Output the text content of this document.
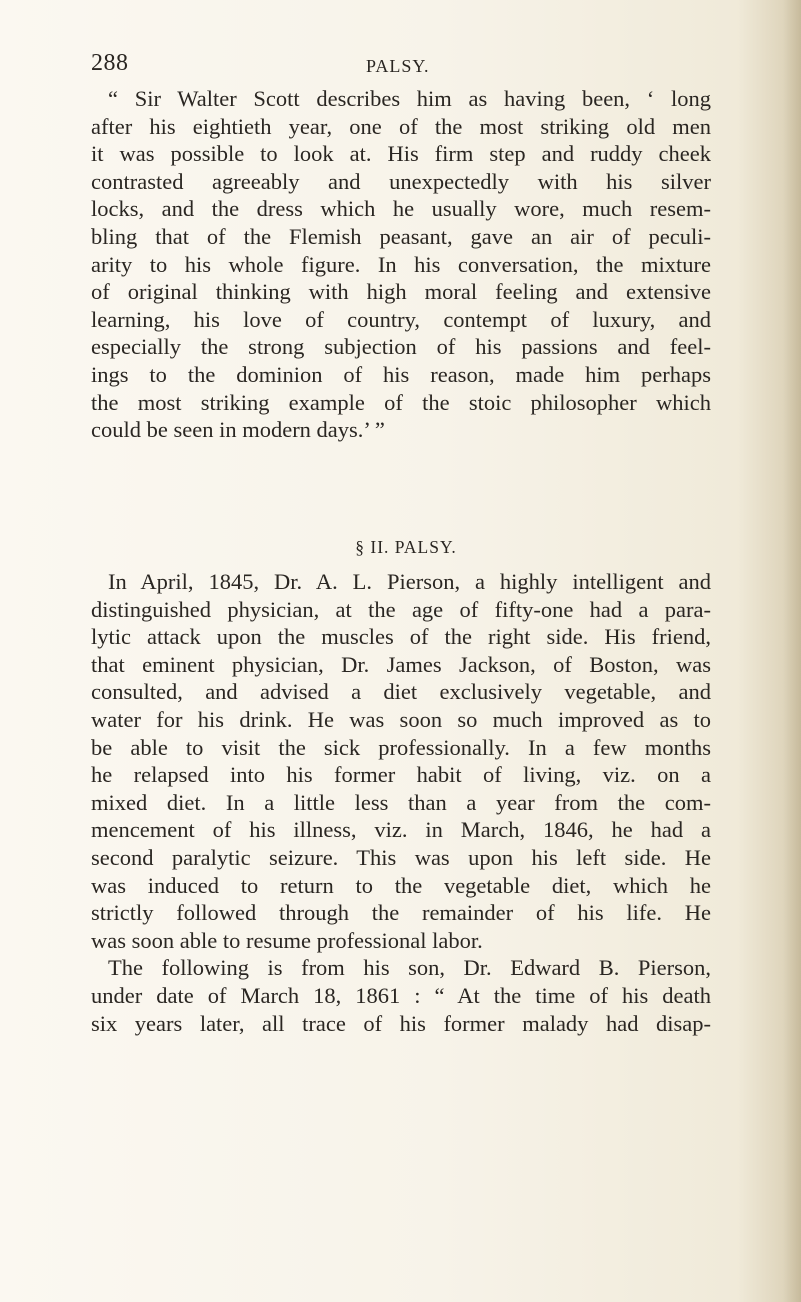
288	PALSY.
“ Sir Walter Scott describes him as having been, ‘ long
after his eightieth year, one of the most striking old men
it was possible to look at. His firm step and ruddy cheek
contrasted agreeably and unexpectedly with his silver
locks, and the dress which he usually wore, much resem-
bling that of the Flemish peasant, gave an air of peculi-
arity to his whole figure. In his conversation, the mixture
of original thinking with high moral feeling and extensive
learning, his love of country, contempt of luxury, and
especially the strong subjection of his passions and feel-
ings to the dominion of his reason, made him perhaps
the most striking example of the stoic philosopher which
could be seen in modern days.’ ”
§ II. PALSY.
In April, 1845, Dr. A. L. Pierson, a highly intelligent and
distinguished physician, at the age of fifty-one had a para-
lytic attack upon the muscles of the right side. His friend,
that eminent physician, Dr. James Jackson, of Boston, was
consulted, and advised a diet exclusively vegetable, and
water for his drink. He was soon so much improved as to
be able to visit the sick professionally. In a few months
he relapsed into his former habit of living, viz. on a
mixed diet. In a little less than a year from the com-
mencement of his illness, viz. in March, 1846, he had a
second paralytic seizure. This was upon his left side. He
was induced to return to the vegetable diet, which he
strictly followed through the remainder of his life. He
was soon able to resume professional labor.
The following is from his son, Dr. Edward B. Pierson,
under date of March 18, 1861 : “ At the time of his death
six years later, all trace of his former malady had disap-
